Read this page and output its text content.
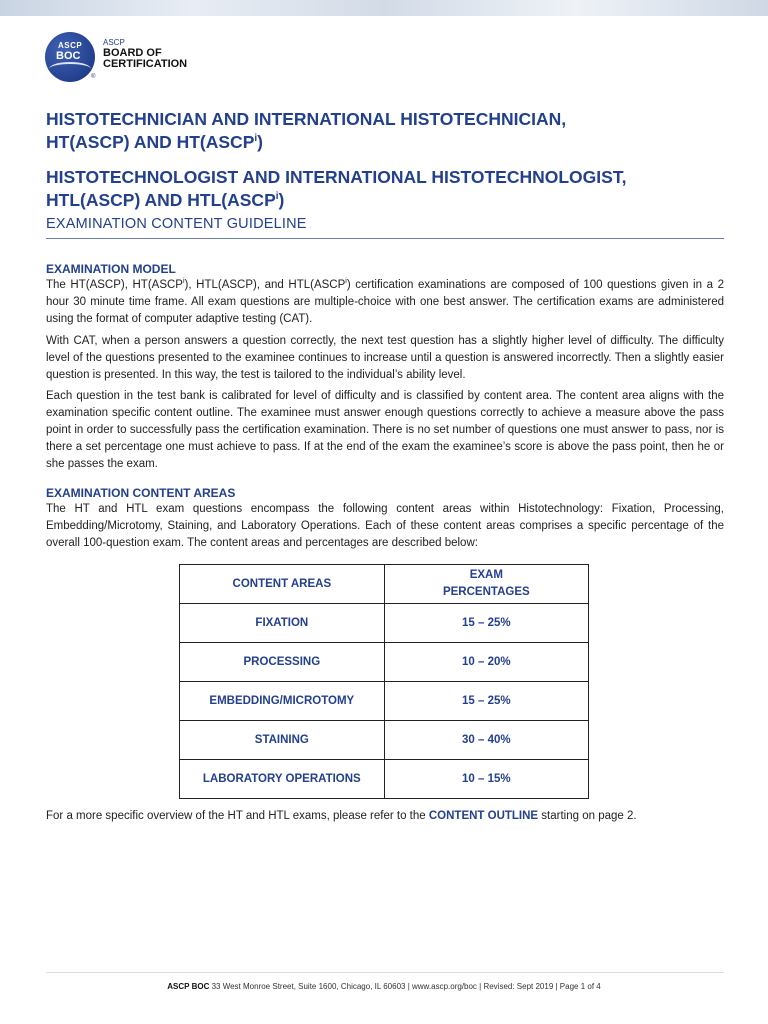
ASCP
BOC
®
ASCP
BOARD OF
CERTIFICATION
HISTOTECHNICIAN AND INTERNATIONAL HISTOTECHNICIAN,
HT(ASCP) AND HT(ASCP$^i$)
HISTOTECHNOLOGIST AND INTERNATIONAL HISTOTECHNOLOGIST,
HTL(ASCP) AND HTL(ASCP$^i$)
EXAMINATION CONTENT GUIDELINE
EXAMINATION MODEL

The HT(ASCP), HT(ASCP$^i$), HTL(ASCP), and HTL(ASCP$^i$) certification examinations are composed of 100 questions given in a 2 hour 30 minute time frame. All exam questions are multiple-choice with one best answer. The certification exams are administered using the format of computer adaptive testing (CAT).

With CAT, when a person answers a question correctly, the next test question has a slightly higher level of difficulty. The difficulty level of the questions presented to the examinee continues to increase until a question is answered incorrectly. Then a slightly easier question is presented. In this way, the test is tailored to the individual’s ability level.

Each question in the test bank is calibrated for level of difficulty and is classified by content area. The content area aligns with the examination specific content outline. The examinee must answer enough questions correctly to achieve a measure above the pass point in order to successfully pass the certification examination. There is no set number of questions one must answer to pass, nor is there a set percentage one must achieve to pass. If at the end of the exam the examinee’s score is above the pass point, then he or she passes the exam.

EXAMINATION CONTENT AREAS

The HT and HTL exam questions encompass the following content areas within Histotechnology: Fixation, Processing, Embedding/Microtomy, Staining, and Laboratory Operations. Each of these content areas comprises a specific percentage of the overall 100-question exam. The content areas and percentages are described below:

CONTENT AREAS	EXAM
PERCENTAGES
FIXATION	15 – 25%
PROCESSING	10 – 20%
EMBEDDING/MICROTOMY	15 – 25%
STAINING	30 – 40%
LABORATORY OPERATIONS	10 – 15%
For a more specific overview of the HT and HTL exams, please refer to the CONTENT OUTLINE starting on page 2.
ASCP BOC 33 West Monroe Street, Suite 1600, Chicago, IL 60603 | www.ascp.org/boc | Revised: Sept 2019 | Page 1 of 4
